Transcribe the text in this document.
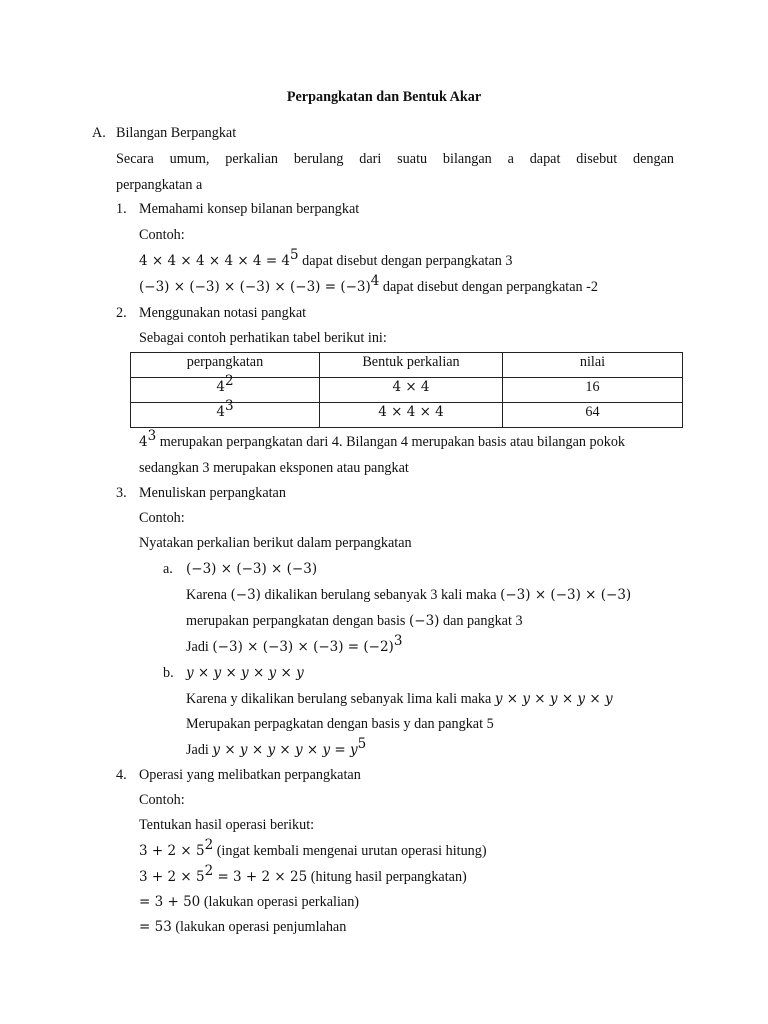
Perpangkatan dan Bentuk Akar
A. Bilangan Berpangkat
Secara umum, perkalian berulang dari suatu bilangan a dapat disebut dengan
perpangkatan a
1. Memahami konsep bilanan berpangkat
Contoh:
$4 \times 4 \times 4 \times 4 \times 4 = 4^5$ dapat disebut dengan perpangkatan 3
$(-3) \times (-3) \times (-3) \times (-3) = (-3)^4$ dapat disebut dengan perpangkatan -2
2. Menggunakan notasi pangkat
Sebagai contoh perhatikan tabel berikut ini:
perpangkatan	Bentuk perkalian	nilai
$4^2$	4 × 4	16
$4^3$	4 × 4 × 4	64
$4^3$ merupakan perpangkatan dari 4. Bilangan 4 merupakan basis atau bilangan pokok
sedangkan 3 merupakan eksponen atau pangkat
3. Menuliskan perpangkatan
Contoh:
Nyatakan perkalian berikut dalam perpangkatan
a. (−3) × (−3) × (−3)
Karena (−3) dikalikan berulang sebanyak 3 kali maka (−3) × (−3) × (−3)
merupakan perpangkatan dengan basis (−3) dan pangkat 3
Jadi $(-3) \times (-3) \times (-3) = (-2)^3$
b. y × y × y × y × y
Karena y dikalikan berulang sebanyak lima kali maka y × y × y × y × y
Merupakan perpagkatan dengan basis y dan pangkat 5
Jadi $y \times y \times y \times y \times y = y^5$
4. Operasi yang melibatkan perpangkatan
Contoh:
Tentukan hasil operasi berikut:
$3 + 2 \times 5^2$ (ingat kembali mengenai urutan operasi hitung)
$3 + 2 \times 5^2 = 3 + 2 \times 25$ (hitung hasil perpangkatan)
= 3 + 50 (lakukan operasi perkalian)
= 53 (lakukan operasi penjumlahan
